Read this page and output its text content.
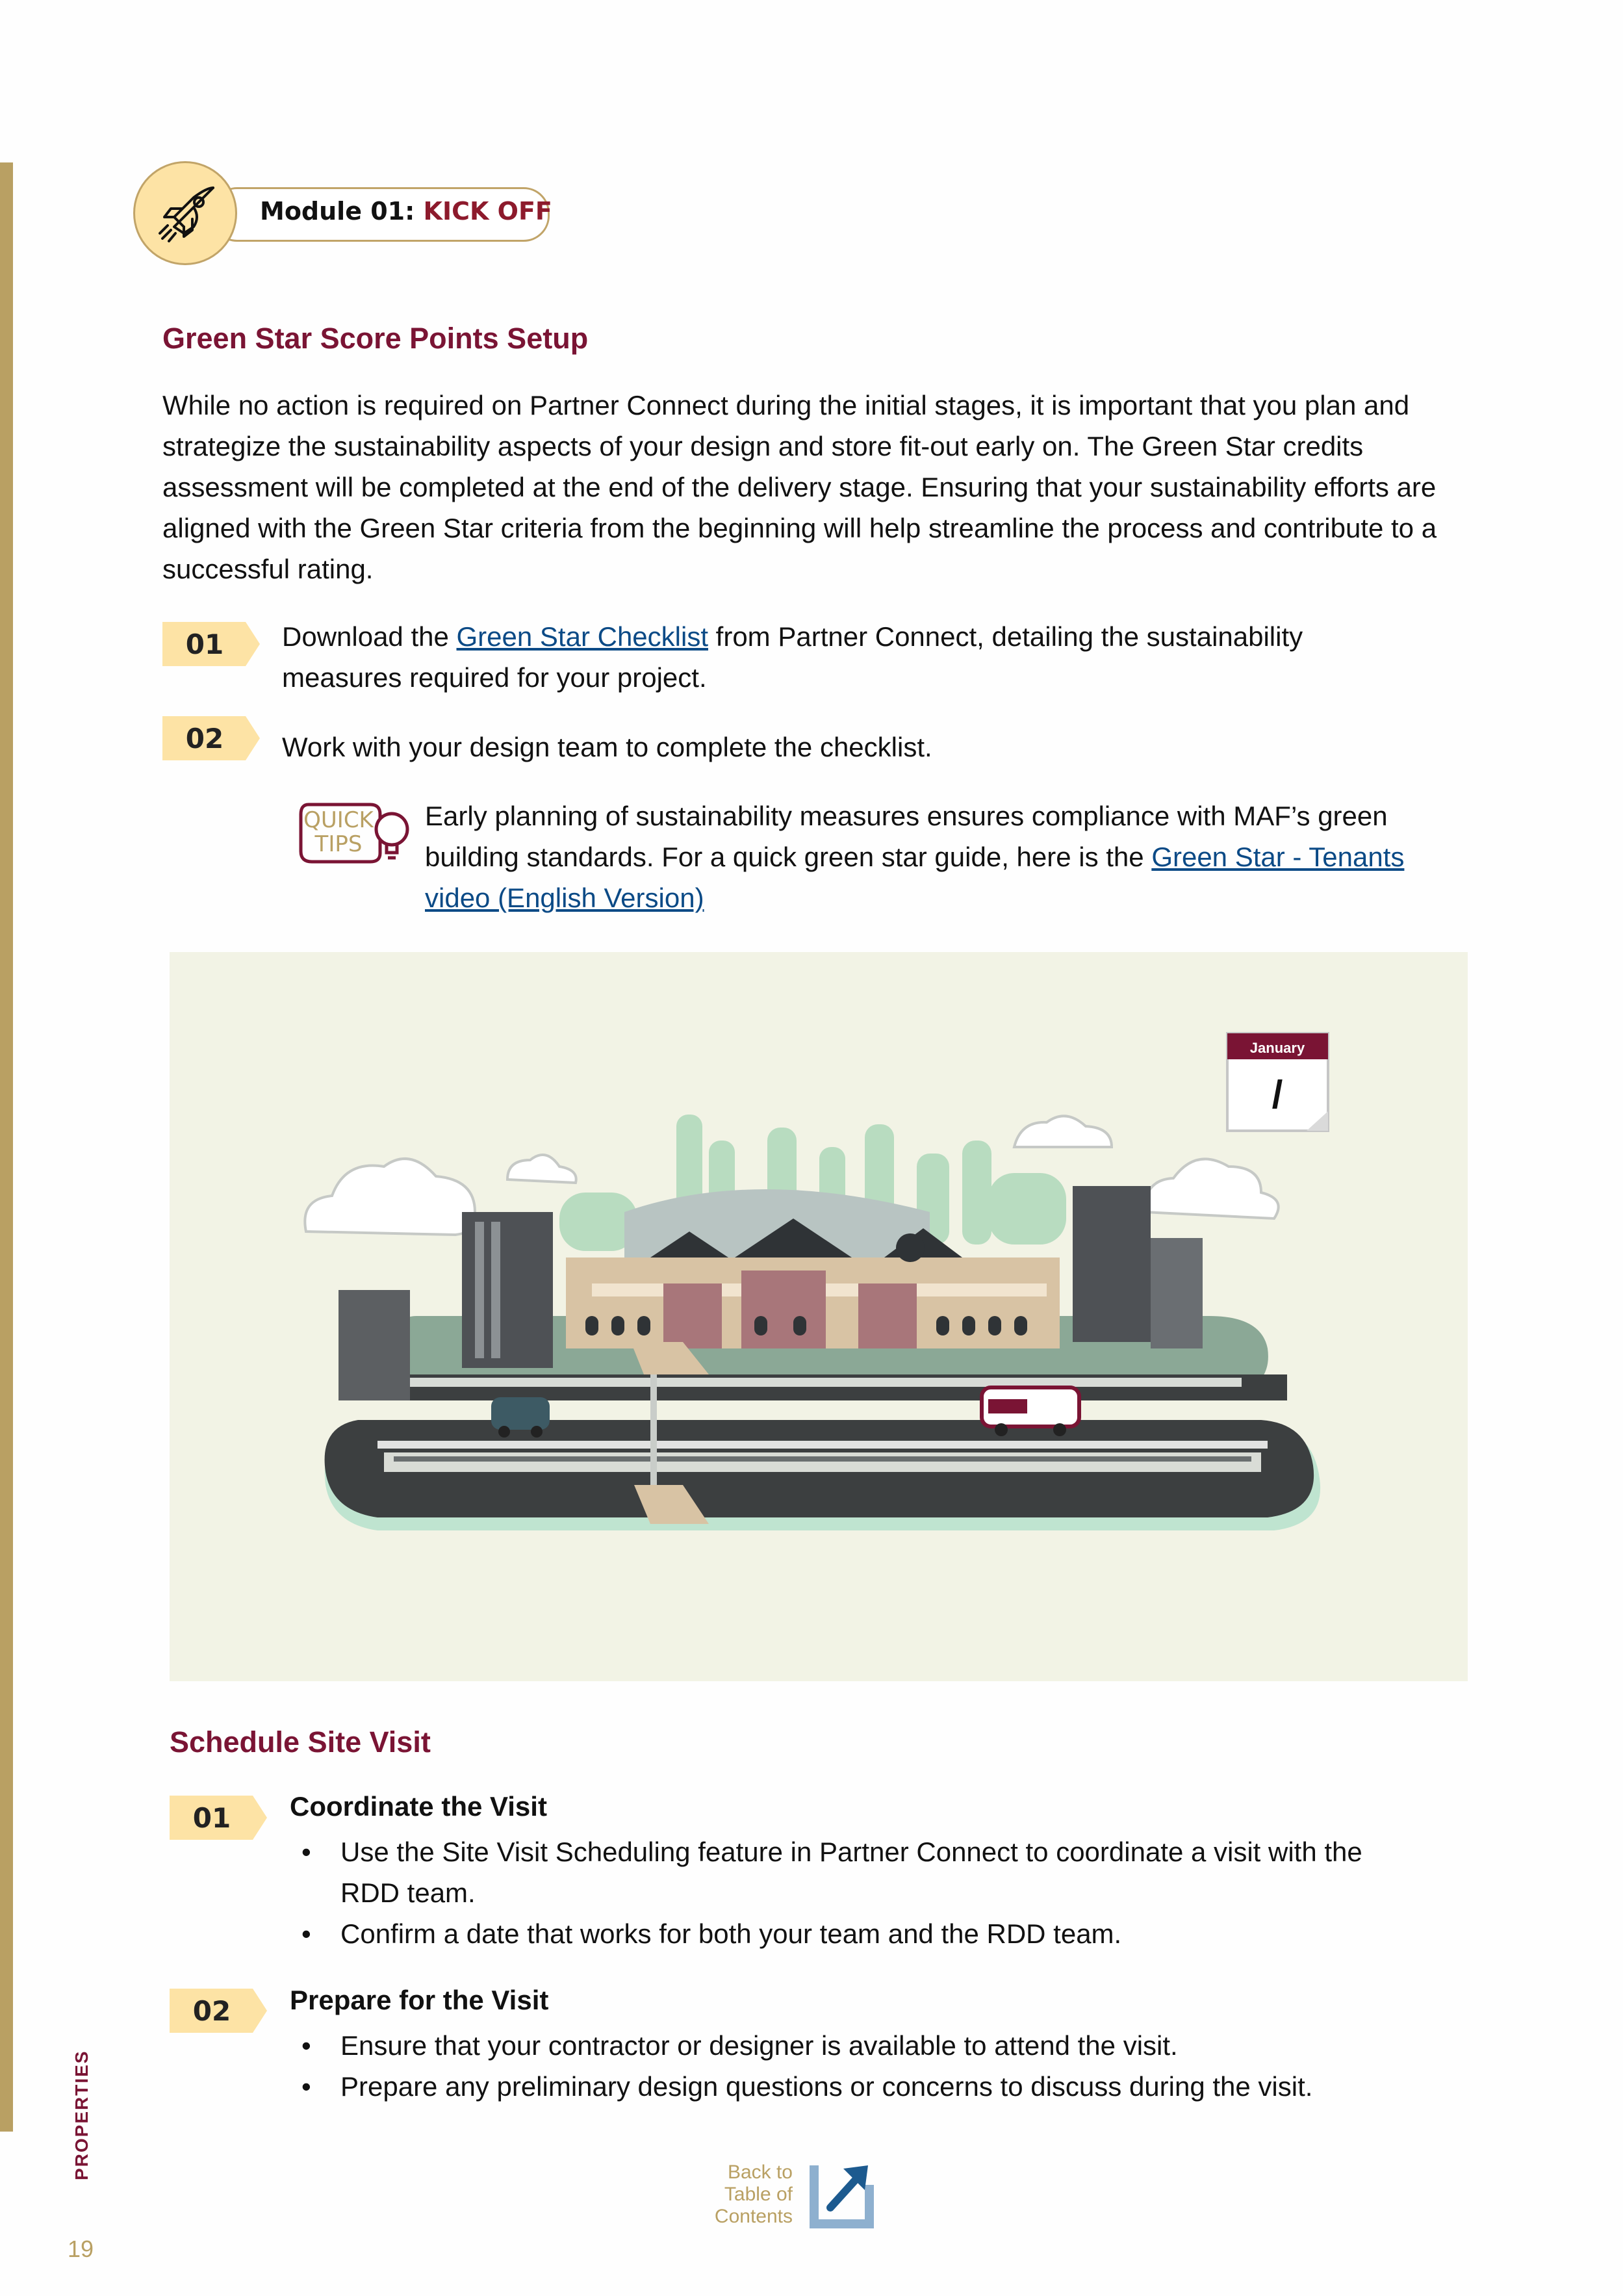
PROPERTIES
19
Module 01: KICK OFF
Green Star Score Points Setup
While no action is required on Partner Connect during the initial stages, it is important that you plan and strategize the sustainability aspects of your design and store fit-out early on. The Green Star credits assessment will be completed at the end of the delivery stage. Ensuring that your sustainability efforts are aligned with the Green Star criteria from the beginning will help streamline the process and contribute to a successful rating.
01	Download the Green Star Checklist from Partner Connect, detailing the sustainability measures required for your project.
02	Work with your design team to complete the checklist.
QUICK
TIPS
Early planning of sustainability measures ensures compliance with MAF’s green building standards. For a quick green star guide, here is the Green Star - Tenants video (English Version)
January
/
Schedule Site Visit
01	Coordinate the Visit
• Use the Site Visit Scheduling feature in Partner Connect to coordinate a visit with the RDD team.
• Confirm a date that works for both your team and the RDD team.
02	Prepare for the Visit
• Ensure that your contractor or designer is available to attend the visit.
• Prepare any preliminary design questions or concerns to discuss during the visit.
Back to
Table of
Contents
